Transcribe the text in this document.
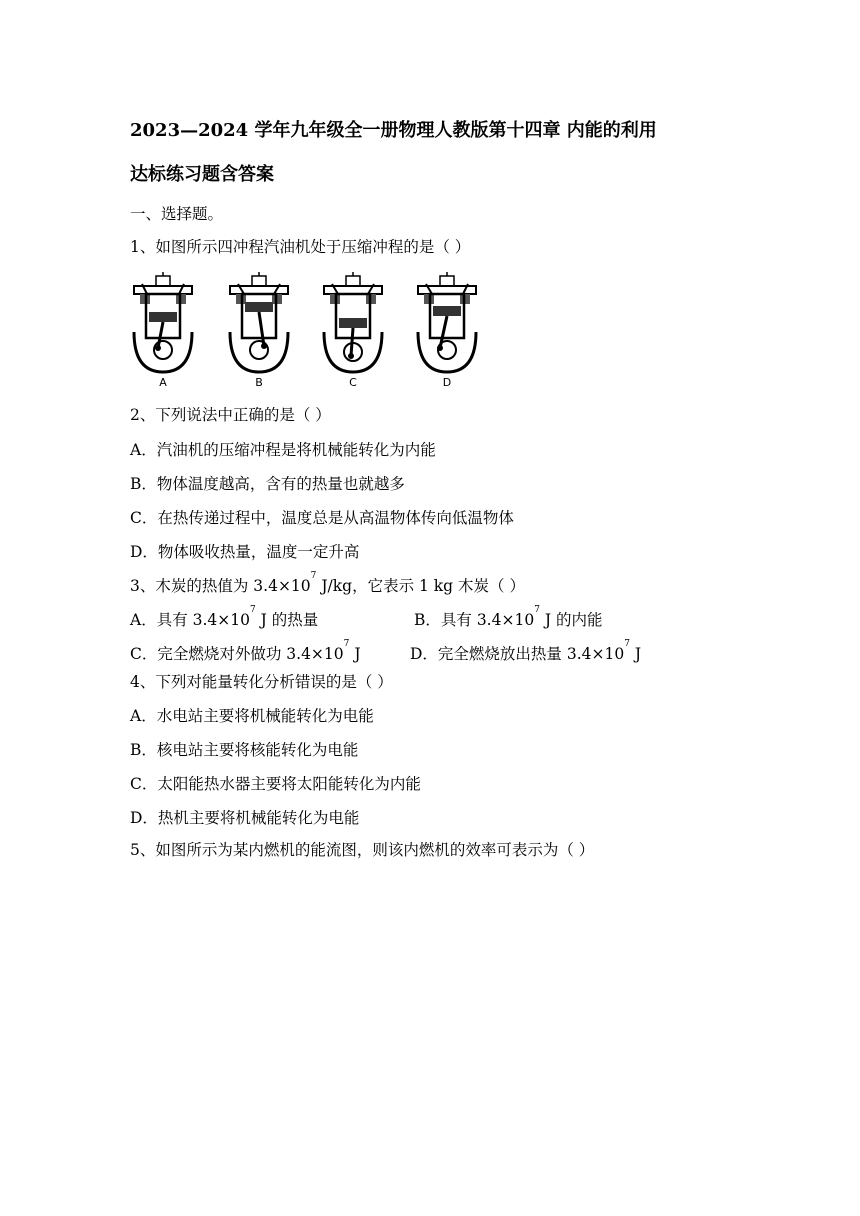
2023—2024 学年九年级全一册物理人教版第十四章 内能的利用
达标练习题含答案
一、选择题。
1、如图所示四冲程汽油机处于压缩冲程的是（ ）
A	B	C	D
2、下列说法中正确的是（ ）
A．汽油机的压缩冲程是将机械能转化为内能
B．物体温度越高，含有的热量也就越多
C．在热传递过程中，温度总是从高温物体传向低温物体
D．物体吸收热量，温度一定升高
3、木炭的热值为 $3.4\times 10^7$ J/kg，它表示 1 kg 木炭（ ）
A．具有 $3.4\times 10^7$ J 的热量	B．具有 $3.4\times 10^7$ J 的内能
C．完全燃烧对外做功 $3.4\times 10^7$ J	D．完全燃烧放出热量 $3.4\times 10^7$ J
4、下列对能量转化分析错误的是（ ）
A．水电站主要将机械能转化为电能
B．核电站主要将核能转化为电能
C．太阳能热水器主要将太阳能转化为内能
D．热机主要将机械能转化为电能
5、如图所示为某内燃机的能流图，则该内燃机的效率可表示为（ ）
